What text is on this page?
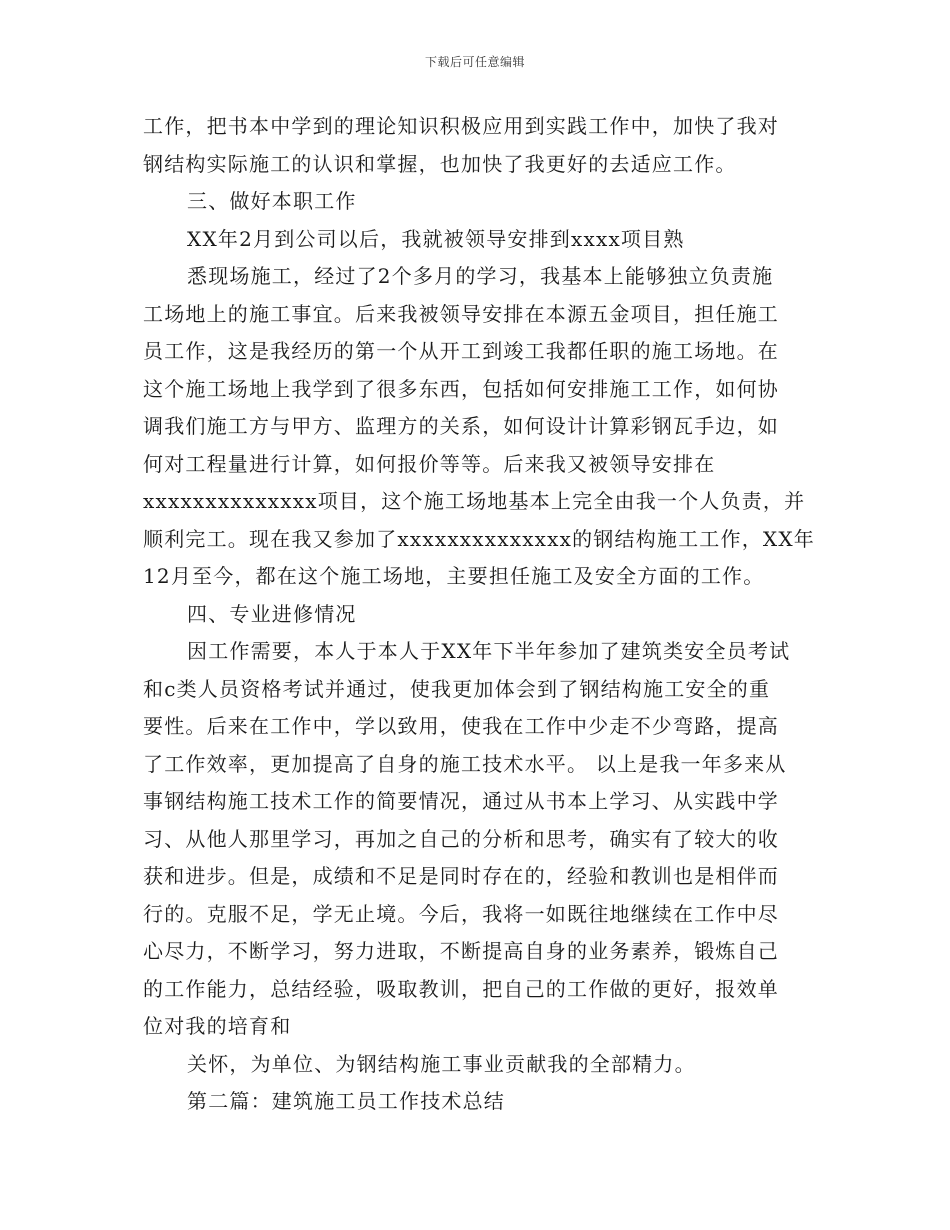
下载后可任意编辑
工作，把书本中学到的理论知识积极应用到实践工作中，加快了我对
钢结构实际施工的认识和掌握，也加快了我更好的去适应工作。
三、做好本职工作
XX年2月到公司以后，我就被领导安排到xxxx项目熟
悉现场施工，经过了2个多月的学习，我基本上能够独立负责施
工场地上的施工事宜。后来我被领导安排在本源五金项目，担任施工
员工作，这是我经历的第一个从开工到竣工我都任职的施工场地。在
这个施工场地上我学到了很多东西，包括如何安排施工工作，如何协
调我们施工方与甲方、监理方的关系，如何设计计算彩钢瓦手边，如
何对工程量进行计算，如何报价等等。后来我又被领导安排在
xxxxxxxxxxxxxx项目，这个施工场地基本上完全由我一个人负责，并
顺利完工。现在我又参加了xxxxxxxxxxxxxx的钢结构施工工作，XX年
12月至今，都在这个施工场地，主要担任施工及安全方面的工作。
四、专业进修情况
因工作需要，本人于本人于XX年下半年参加了建筑类安全员考试
和c类人员资格考试并通过，使我更加体会到了钢结构施工安全的重
要性。后来在工作中，学以致用，使我在工作中少走不少弯路，提高
了工作效率，更加提高了自身的施工技术水平。 以上是我一年多来从
事钢结构施工技术工作的简要情况，通过从书本上学习、从实践中学
习、从他人那里学习，再加之自己的分析和思考，确实有了较大的收
获和进步。但是，成绩和不足是同时存在的，经验和教训也是相伴而
行的。克服不足，学无止境。今后，我将一如既往地继续在工作中尽
心尽力，不断学习，努力进取，不断提高自身的业务素养，锻炼自己
的工作能力，总结经验，吸取教训，把自己的工作做的更好，报效单
位对我的培育和
关怀，为单位、为钢结构施工事业贡献我的全部精力。
第二篇：建筑施工员工作技术总结
